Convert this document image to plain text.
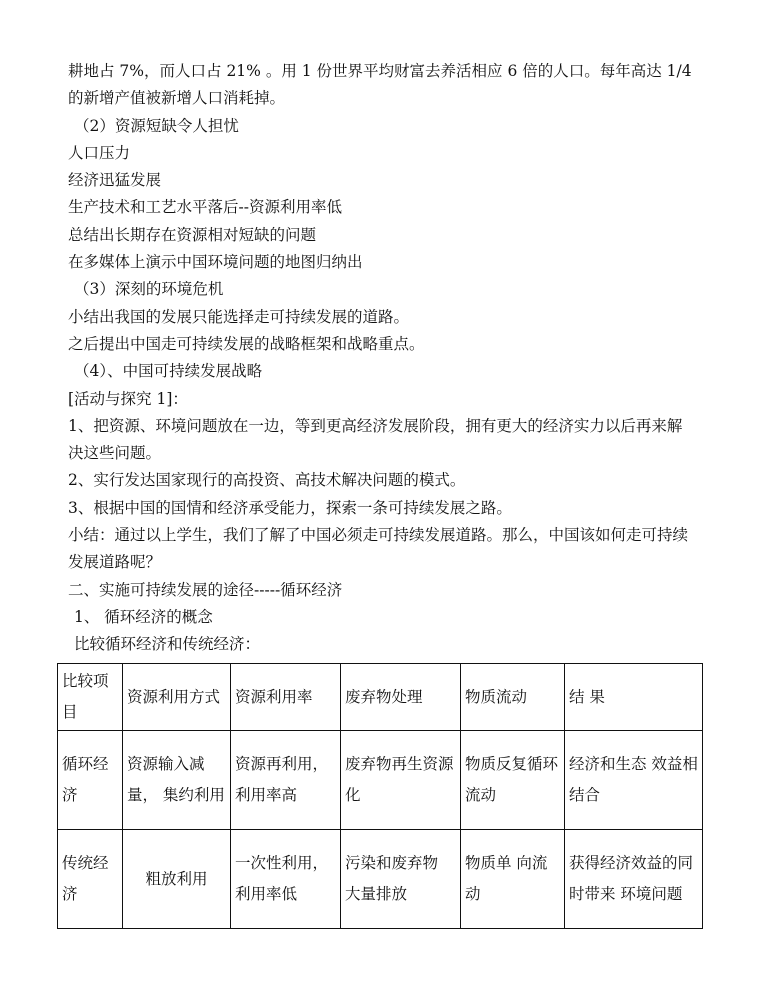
耕地占 7%，而人口占 21% 。用 1 份世界平均财富去养活相应 6 倍的人口。每年高达 1/4 的新增产值被新增人口消耗掉。

（2）资源短缺令人担忧

人口压力

经济迅猛发展

生产技术和工艺水平落后--资源利用率低

总结出长期存在资源相对短缺的问题

在多媒体上演示中国环境问题的地图归纳出

（3）深刻的环境危机

小结出我国的发展只能选择走可持续发展的道路。

之后提出中国走可持续发展的战略框架和战略重点。

（4）、中国可持续发展战略

[活动与探究 1]：

1、把资源、环境问题放在一边，等到更高经济发展阶段，拥有更大的经济实力以后再来解决这些问题。

2、实行发达国家现行的高投资、高技术解决问题的模式。

3、根据中国的国情和经济承受能力，探索一条可持续发展之路。

小结：通过以上学生，我们了解了中国必须走可持续发展道路。那么，中国该如何走可持续发展道路呢？

二、实施可持续发展的途径-----循环经济

1、 循环经济的概念

比较循环经济和传统经济：

比较项目	资源利用方式	资源利用率	废弃物处理	物质流动	结 果
循环经济	资源输入减量， 集约利用	资源再利用， 利用率高	废弃物再生资源化	物质反复循环流动	经济和生态 效益相结合
传统经济	粗放利用	一次性利用， 利用率低	污染和废弃物 大量排放	物质单 向流动	获得经济效益的同时带来 环境问题
